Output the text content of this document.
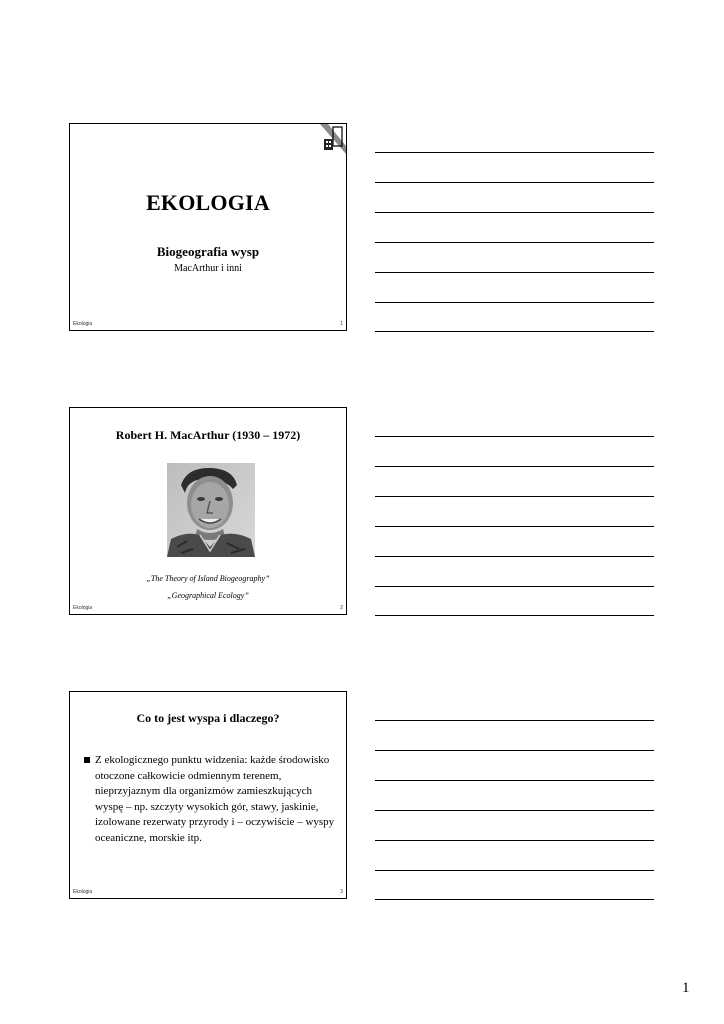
EKOLOGIA
Biogeografia wysp
MacArthur i inni
Ekologia	1
Robert H. MacArthur (1930 – 1972)
„The Theory of Island Biogeography”
„Geographical Ecology”
Ekologia	2
Co to jest wyspa i dlaczego?
Z ekologicznego punktu widzenia: każde środowisko otoczone całkowicie odmiennym terenem, nieprzyjaznym dla organizmów zamieszkujących wyspę – np. szczyty wysokich gór, stawy, jaskinie, izolowane rezerwaty przyrody i – oczywiście – wyspy oceaniczne, morskie itp.
Ekologia	3
1
